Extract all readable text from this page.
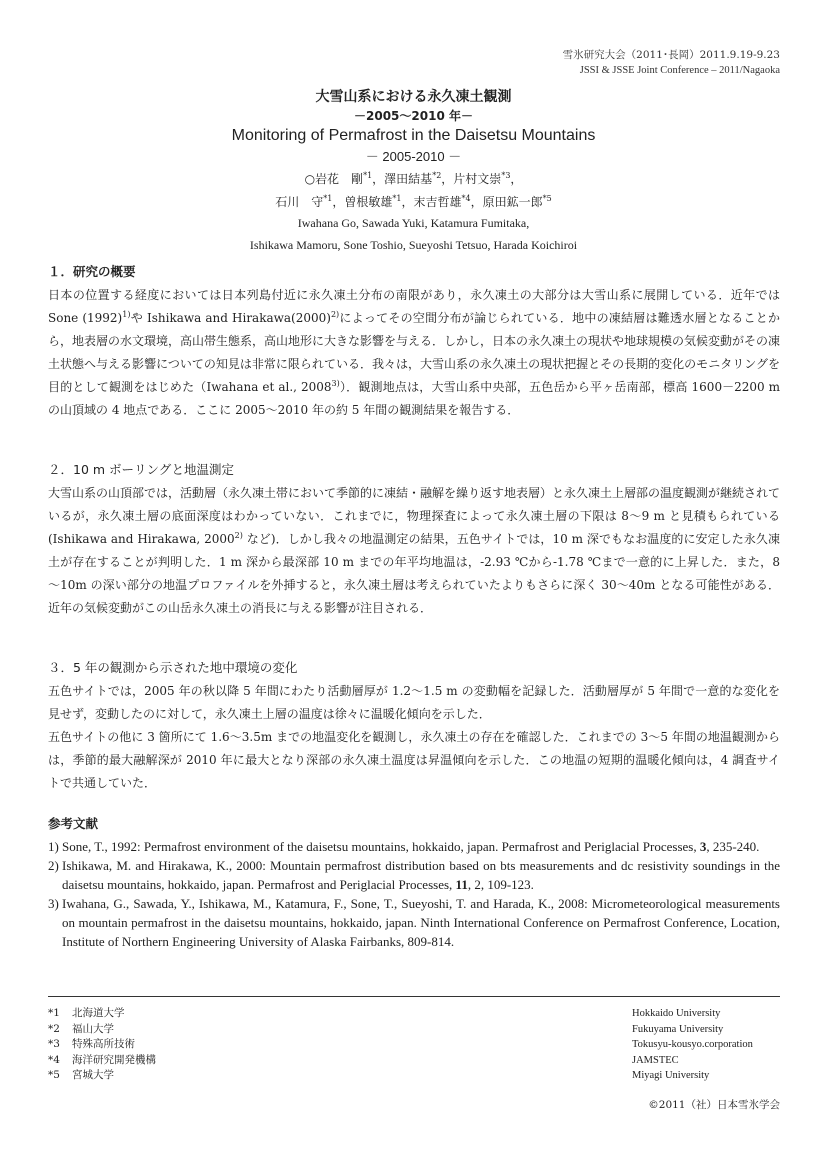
雪氷研究大会（2011･長岡）2011.9.19-9.23
JSSI & JSSE Joint Conference – 2011/Nagaoka
大雪山系における永久凍土観測
－2005～2010 年－
Monitoring of Permafrost in the Daisetsu Mountains
－ 2005-2010 －
○岩花　剛$^{*1}$，澤田結基$^{*2}$，片村文崇$^{*3}$，
石川　守$^{*1}$，曽根敏雄$^{*1}$，末吉哲雄$^{*4}$，原田鉱一郎$^{*5}$
Iwahana Go, Sawada Yuki, Katamura Fumitaka,
Ishikawa Mamoru, Sone Toshio, Sueyoshi Tetsuo, Harada Koichiroi
１．研究の概要

日本の位置する経度においては日本列島付近に永久凍土分布の南限があり，永久凍土の大部分は大雪山系に展開している．近年では Sone $(1992)^{1)}$や Ishikawa and $Hirakawa(2000)^{2)}$によってその空間分布が論じられている．地中の凍結層は難透水層となることから，地表層の水文環境，高山帯生態系，高山地形に大きな影響を与える．しかし，日本の永久凍土の現状や地球規模の気候変動がその凍土状態へ与える影響についての知見は非常に限られている．我々は，大雪山系の永久凍土の現状把握とその長期的変化のモニタリングを目的として観測をはじめた（Iwahana et al., 2008$^{3)}$）．観測地点は，大雪山系中央部，五色岳から平ヶ岳南部，標高 1600－2200 m の山頂域の 4 地点である．ここに 2005～2010 年の約 5 年間の観測結果を報告する．

２．10 m ボーリングと地温測定

大雪山系の山頂部では，活動層（永久凍土帯において季節的に凍結・融解を繰り返す地表層）と永久凍土上層部の温度観測が継続されているが，永久凍土層の底面深度はわかっていない．これまでに，物理探査によって永久凍土層の下限は 8～9 m と見積もられている (Ishikawa and Hirakawa, 2000$^{2)}$ など)．しかし我々の地温測定の結果，五色サイトでは，10 m 深でもなお温度的に安定した永久凍土が存在することが判明した．1 m 深から最深部 10 m までの年平均地温は，-2.93 ℃から-1.78 ℃まで一意的に上昇した．また，8～10m の深い部分の地温プロファイルを外挿すると，永久凍土層は考えられていたよりもさらに深く 30～40m となる可能性がある．近年の気候変動がこの山岳永久凍土の消長に与える影響が注目される．

３．5 年の観測から示された地中環境の変化

五色サイトでは，2005 年の秋以降 5 年間にわたり活動層厚が 1.2～1.5 m の変動幅を記録した．活動層厚が 5 年間で一意的な変化を見せず，変動したのに対して，永久凍土上層の温度は徐々に温暖化傾向を示した．

五色サイトの他に 3 箇所にて 1.6～3.5m までの地温変化を観測し，永久凍土の存在を確認した．これまでの 3～5 年間の地温観測からは，季節的最大融解深が 2010 年に最大となり深部の永久凍土温度は昇温傾向を示した．この地温の短期的温暖化傾向は，4 調査サイトで共通していた．

参考文献
1) Sone, T., 1992: Permafrost environment of the daisetsu mountains, hokkaido, japan. Permafrost and Periglacial Processes, 3, 235-240.
2) Ishikawa, M. and Hirakawa, K., 2000: Mountain permafrost distribution based on bts measurements and dc resistivity soundings in the daisetsu mountains, hokkaido, japan. Permafrost and Periglacial Processes, 11, 2, 109-123.
3) Iwahana, G., Sawada, Y., Ishikawa, M., Katamura, F., Sone, T., Sueyoshi, T. and Harada, K., 2008: Micrometeorological measurements on mountain permafrost in the daisetsu mountains, hokkaido, japan. Ninth International Conference on Permafrost Conference, Location, Institute of Northern Engineering University of Alaska Fairbanks, 809-814.
*1	北海道大学	Hokkaido University
*2	福山大学	Fukuyama University
*3	特殊高所技術	Tokusyu-kousyo.corporation
*4	海洋研究開発機構	JAMSTEC
*5	宮城大学	Miyagi University
©2011（社）日本雪氷学会
